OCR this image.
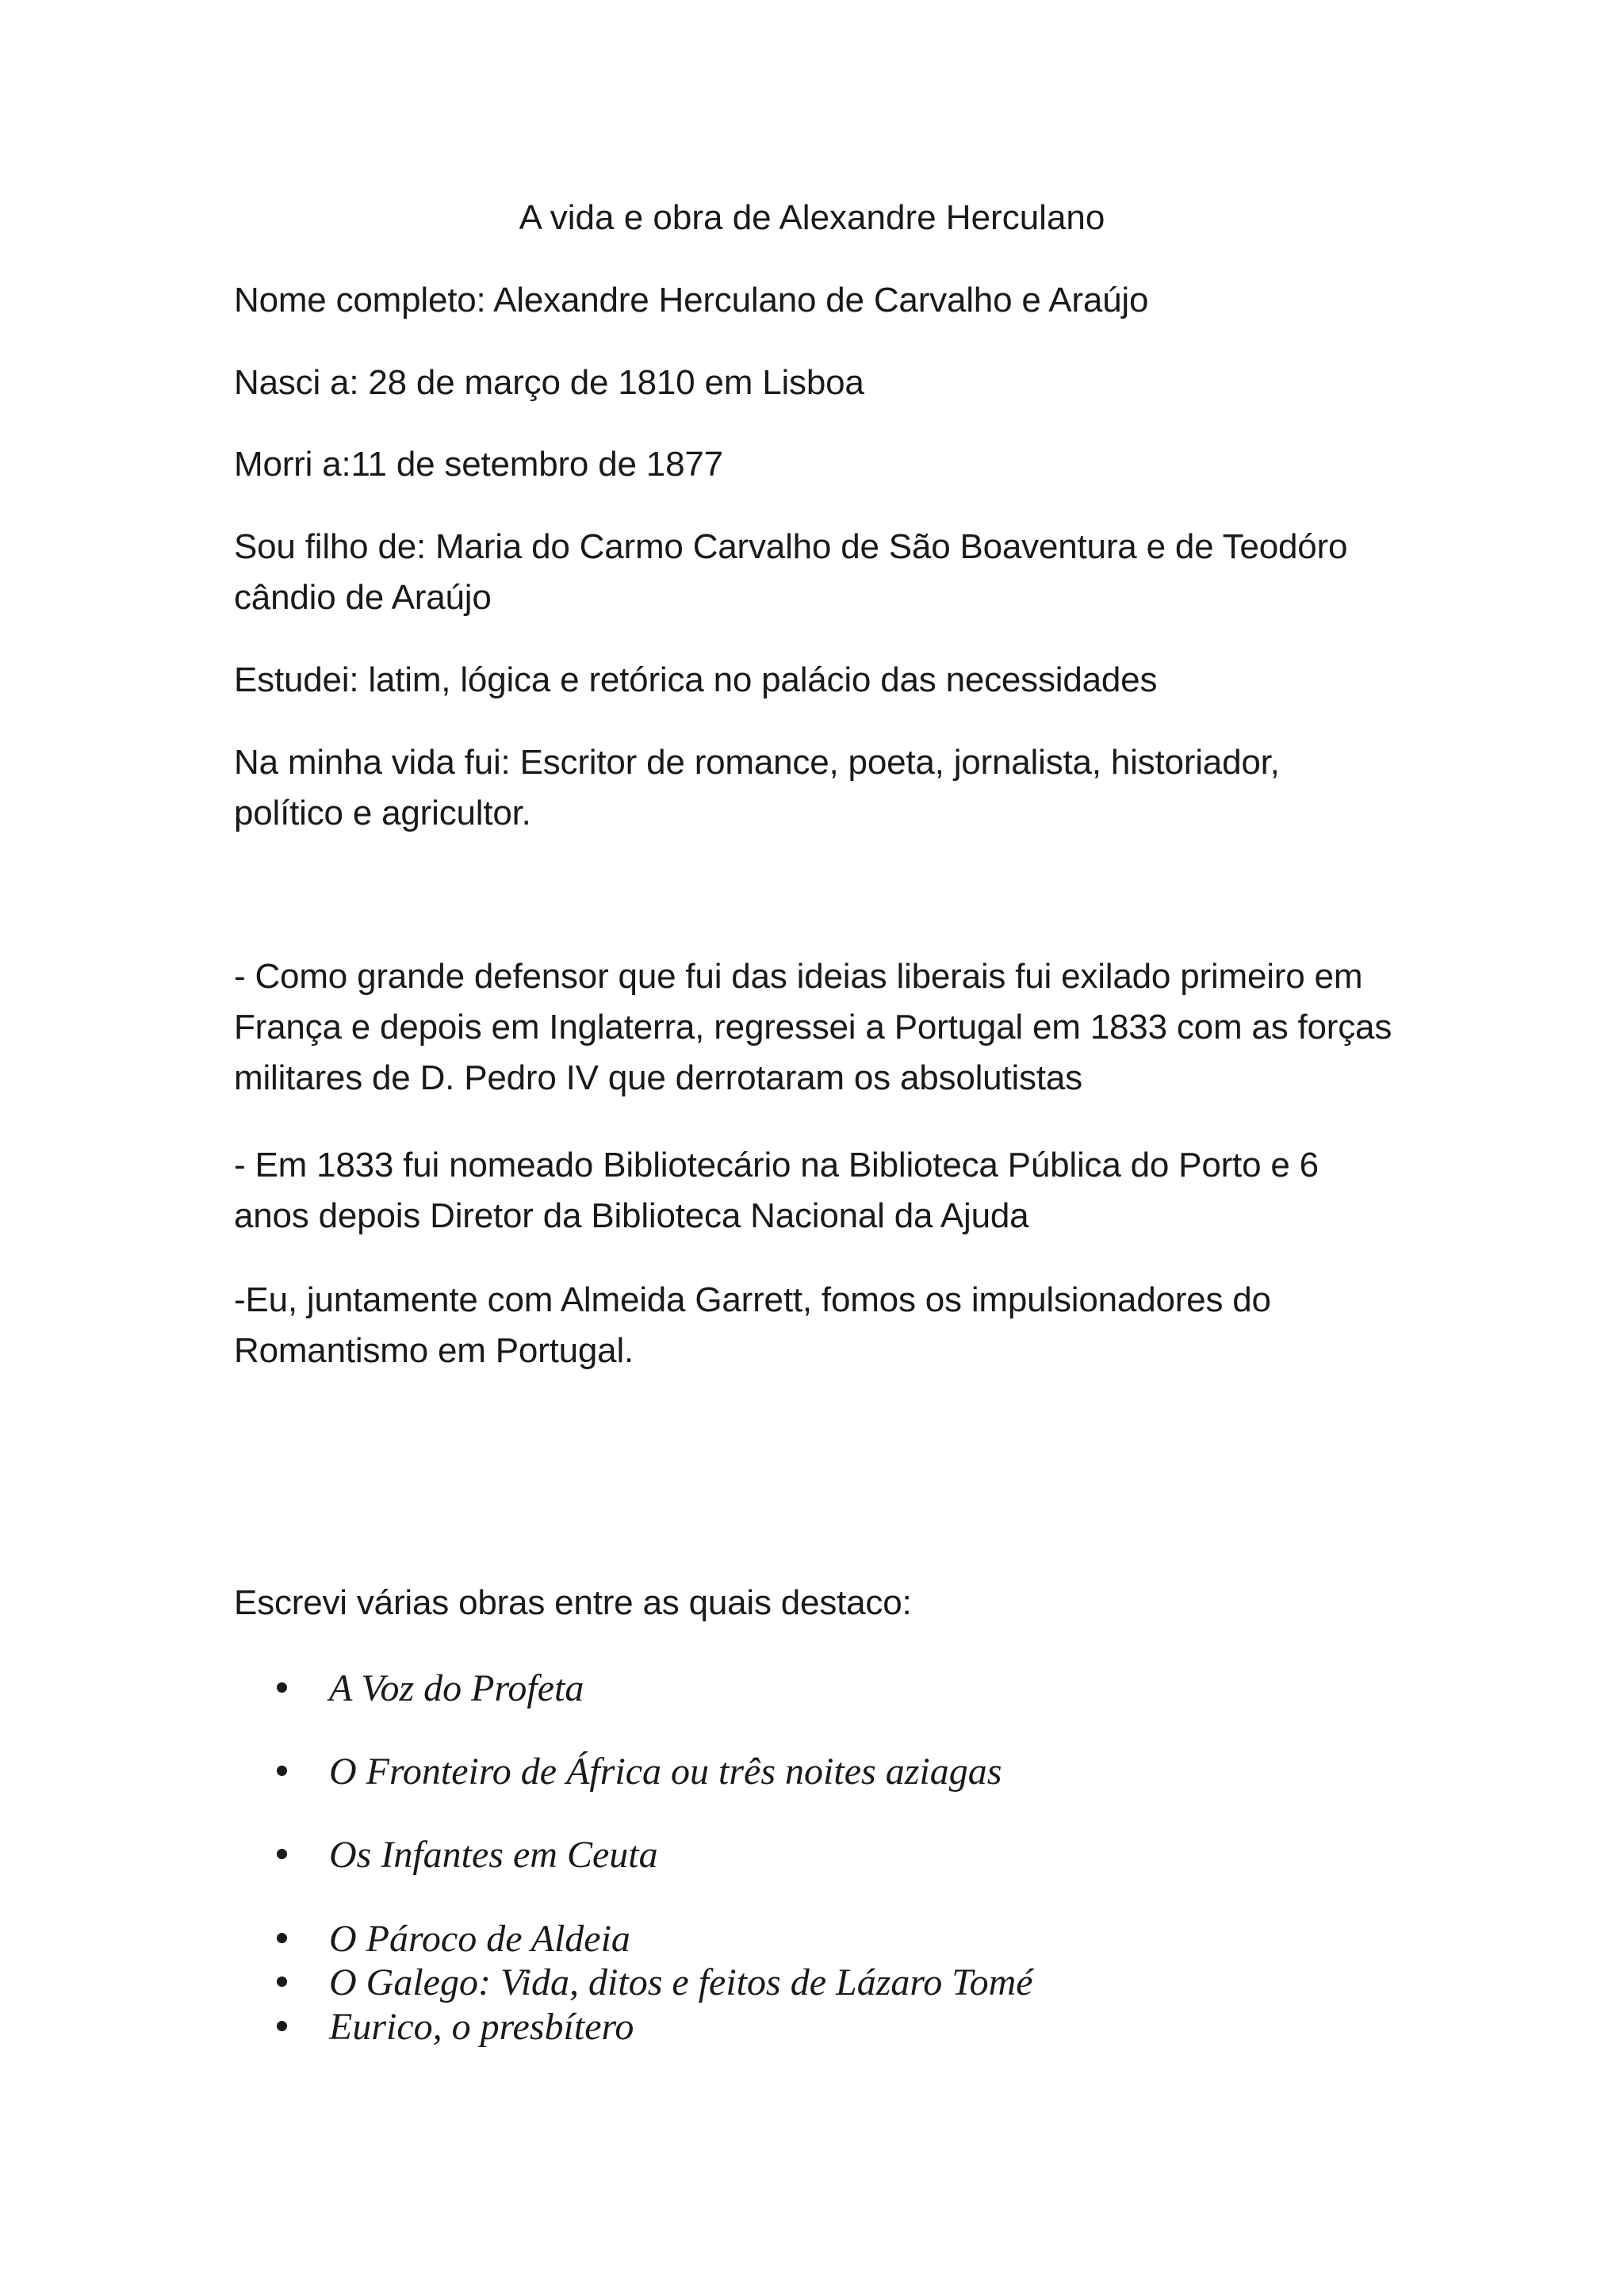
A vida e obra de Alexandre Herculano
Nome completo: Alexandre Herculano de Carvalho e Araújo
Nasci a: 28 de março de 1810 em Lisboa
Morri a:11 de setembro de 1877
Sou filho de: Maria do Carmo Carvalho de São Boaventura e de Teodóro cândio de Araújo
Estudei: latim, lógica e retórica no palácio das necessidades
Na minha vida fui: Escritor de romance, poeta, jornalista, historiador, político e agricultor.
- Como grande defensor que fui das ideias liberais fui exilado primeiro em França e depois em Inglaterra, regressei a Portugal em 1833 com as forças militares de D. Pedro IV que derrotaram os absolutistas
- Em 1833 fui nomeado Bibliotecário na Biblioteca Pública do Porto e 6 anos depois Diretor da Biblioteca Nacional da Ajuda
-Eu, juntamente com Almeida Garrett, fomos os impulsionadores do Romantismo em Portugal.
Escrevi várias obras entre as quais destaco:
A Voz do Profeta
O Fronteiro de África ou três noites aziagas
Os Infantes em Ceuta
O Pároco de Aldeia
O Galego: Vida, ditos e feitos de Lázaro Tomé
Eurico, o presbítero
